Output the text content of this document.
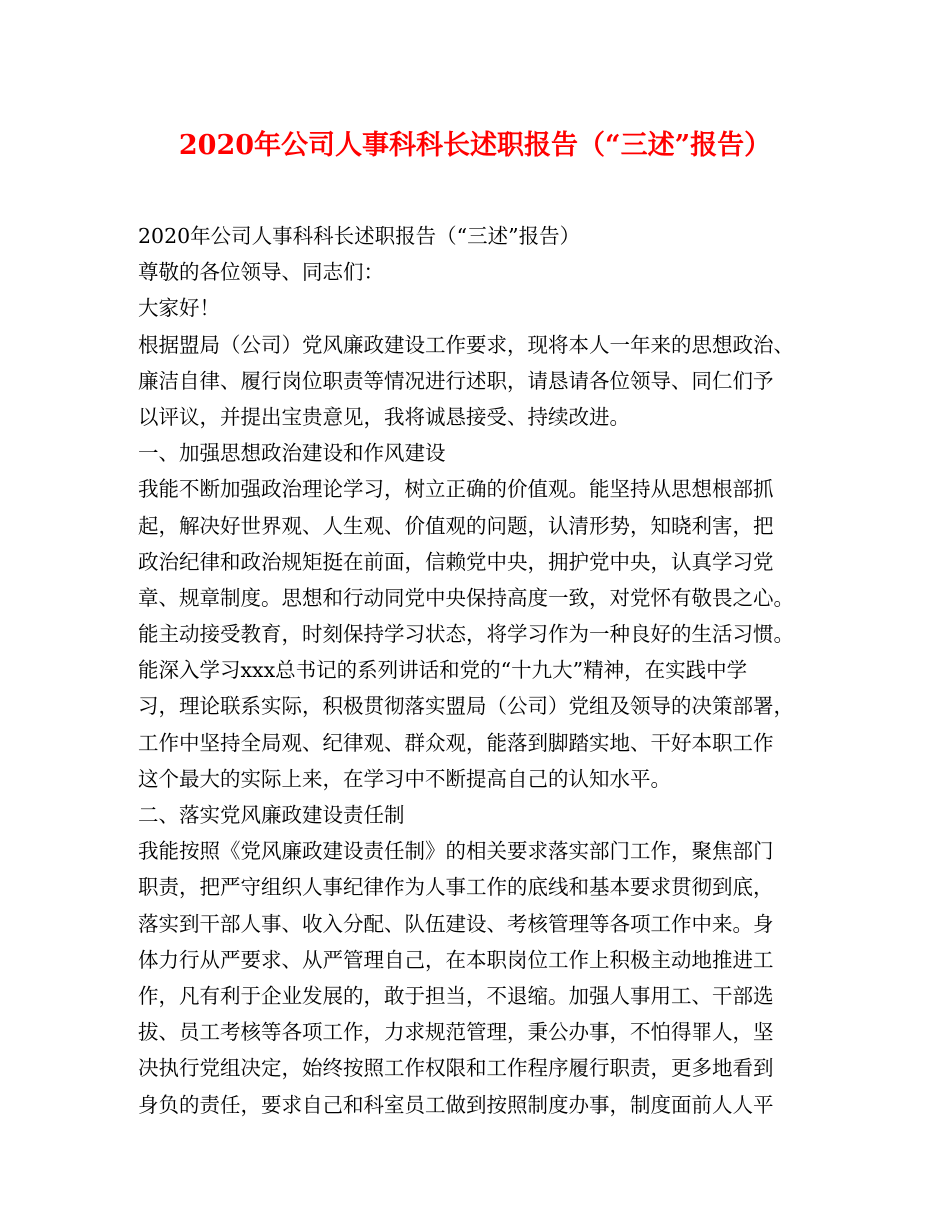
2020年公司人事科科长述职报告（“三述”报告）
2020年公司人事科科长述职报告（“三述”报告）
尊敬的各位领导、同志们：
大家好！
根据盟局（公司）党风廉政建设工作要求，现将本人一年来的思想政治、
廉洁自律、履行岗位职责等情况进行述职，请恳请各位领导、同仁们予
以评议，并提出宝贵意见，我将诚恳接受、持续改进。
一、加强思想政治建设和作风建设
我能不断加强政治理论学习，树立正确的价值观。能坚持从思想根部抓
起，解决好世界观、人生观、价值观的问题，认清形势，知晓利害，把
政治纪律和政治规矩挺在前面，信赖党中央，拥护党中央，认真学习党
章、规章制度。思想和行动同党中央保持高度一致，对党怀有敬畏之心。
能主动接受教育，时刻保持学习状态，将学习作为一种良好的生活习惯。
能深入学习xxx总书记的系列讲话和党的“十九大”精神，在实践中学
习，理论联系实际，积极贯彻落实盟局（公司）党组及领导的决策部署，
工作中坚持全局观、纪律观、群众观，能落到脚踏实地、干好本职工作
这个最大的实际上来，在学习中不断提高自己的认知水平。
二、落实党风廉政建设责任制
我能按照《党风廉政建设责任制》的相关要求落实部门工作，聚焦部门
职责，把严守组织人事纪律作为人事工作的底线和基本要求贯彻到底，
落实到干部人事、收入分配、队伍建设、考核管理等各项工作中来。身
体力行从严要求、从严管理自己，在本职岗位工作上积极主动地推进工
作，凡有利于企业发展的，敢于担当，不退缩。加强人事用工、干部选
拔、员工考核等各项工作，力求规范管理，秉公办事，不怕得罪人，坚
决执行党组决定，始终按照工作权限和工作程序履行职责，更多地看到
身负的责任，要求自己和科室员工做到按照制度办事，制度面前人人平
